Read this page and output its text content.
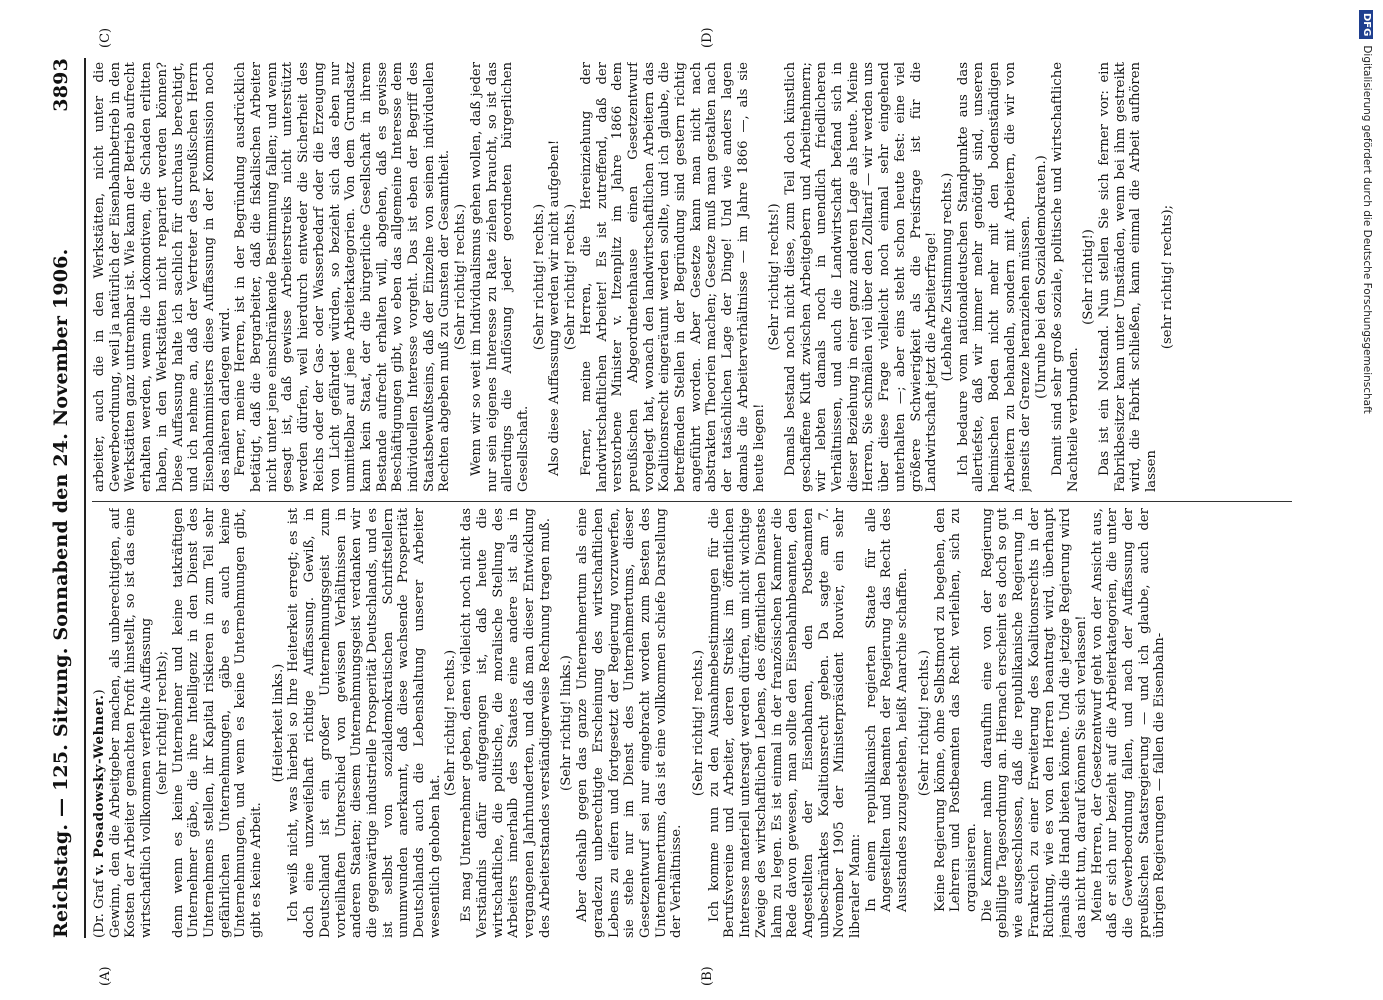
Reichstag. — 125. Sitzung. Sonnabend den 24. November 1906.
3893
(A)	(B)
(C)	(D)

(Dr. Graf v. Posadowsky-Wehner.) Gewinn, den die Arbeitgeber machen, als unberechtigten, auf Kosten der Arbeiter gemachten Profit hinstellt, so ist das eine wirtschaftlich vollkommen verfehlte Auffassung (sehr richtig! rechts); denn wenn es keine Unternehmer und keine tatkräftigen Unternehmer gäbe, die ihre Intelligenz in den Dienst des Unternehmens stellen, ihr Kapital riskieren in zum Teil sehr gefährlichen Unternehmungen, gäbe es auch keine Unternehmungen, und wenn es keine Unternehmungen gibt, gibt es keine Arbeit.

(Heiterkeit links.) Ich weiß nicht, was hierbei so Ihre Heiterkeit erregt; es ist doch eine unzweifelhaft richtige Auffassung. Gewiß, in Deutschland ist ein großer Unternehmungsgeist zum vorteilhaften Unterschied von gewissen Verhältnissen in anderen Staaten; diesem Unternehmungsgeist verdanken wir die gegenwärtige industrielle Prosperität Deutschlands, und es ist selbst von sozialdemokratischen Schriftstellern unumwunden anerkannt, daß diese wachsende Prosperität Deutschlands auch die Lebenshaltung unserer Arbeiter wesentlich gehoben hat.

(Sehr richtig! rechts.) Es mag Unternehmer geben, denen vielleicht noch nicht das Verständnis dafür aufgegangen ist, daß heute die wirtschaftliche, die politische, die moralische Stellung des Arbeiters innerhalb des Staates eine andere ist als in vergangenen Jahrhunderten, und daß man dieser Entwicklung des Arbeiterstandes verständigerweise Rechnung tragen muß. (Sehr richtig! links.) Aber deshalb gegen das ganze Unternehmertum als eine geradezu unberechtigte Erscheinung des wirtschaftlichen Lebens zu eifern und fortgesetzt der Regierung vorzuwerfen, sie stehe nur im Dienst des Unternehmertums, dieser Gesetzentwurf sei nur eingebracht worden zum Besten des Unternehmertums, das ist eine vollkommen schiefe Darstellung der Verhältnisse.

(Sehr richtig! rechts.) Ich komme nun zu den Ausnahmebestimmungen für die Berufsvereine und Arbeiter, deren Streiks im öffentlichen Interesse materiell untersagt werden dürfen, um nicht wichtige Zweige des wirtschaftlichen Lebens, des öffentlichen Dienstes lahm zu legen. Es ist einmal in der französischen Kammer die Rede davon gewesen, man sollte den Eisenbahnbeamten, den Angestellten der Eisenbahnen, den Postbeamten unbeschränktes Koalitionsrecht geben. Da sagte am 7. November 1905 der Ministerpräsident Rouvier, ein sehr liberaler Mann: In einem republikanisch regierten Staate für alle Angestellten und Beamten der Regierung das Recht des Ausstandes zuzugestehen, heißt Anarchie schaffen. (Sehr richtig! rechts.) Keine Regierung könne, ohne Selbstmord zu begehen, den Lehrern und Postbeamten das Recht verleihen, sich zu organisieren. Die Kammer nahm daraufhin eine von der Regierung gebilligte Tagesordnung an. Hiernach erscheint es doch so gut wie ausgeschlossen, daß die republikanische Regierung in Frankreich zu einer Erweiterung des Koalitionsrechts in der Richtung, wie es von den Herren beantragt wird, überhaupt jemals die Hand bieten könnte. Und die jetzige Regierung wird das nicht tun, darauf können Sie sich verlassen! Meine Herren, der Gesetzentwurf geht von der Ansicht aus, daß er sich nur bezieht auf die Arbeiterkategorien, die unter die Gewerbeordnung fallen, und nach der Auffassung der preußischen Staatsregierung — und ich glaube, auch der übrigen Regierungen — fallen die Eisenbahn-

arbeiter, auch die in den Werkstätten, nicht unter die Gewerbeordnung, weil ja natürlich der Eisenbahnbetrieb in den Werkstätten ganz untrennbar ist. Wie kann der Betrieb aufrecht erhalten werden, wenn die Lokomotiven, die Schaden erlitten haben, in den Werkstätten nicht repariert werden können? Diese Auffassung halte ich sachlich für durchaus berechtigt, und ich nehme an, daß der Vertreter des preußischen Herrn Eisenbahnministers diese Auffassung in der Kommission noch des näheren darlegen wird. Ferner, meine Herren, ist in der Begründung ausdrücklich betätigt, daß die Bergarbeiter, daß die fiskalischen Arbeiter nicht unter jene einschränkende Bestimmung fallen; und wenn gesagt ist, daß gewisse Arbeiterstreiks nicht unterstützt werden dürfen, weil hierdurch entweder die Sicherheit des Reichs oder der Gas- oder Wasserbedarf oder die Erzeugung von Licht gefährdet würden, so bezieht sich das eben nur unmittelbar auf jene Arbeiterkategorien. Von dem Grundsatz kann kein Staat, der die bürgerliche Gesellschaft in ihrem Bestande aufrecht erhalten will, abgehen, daß es gewisse Beschäftigungen gibt, wo eben das allgemeine Interesse dem individuellen Interesse vorgeht. Das ist eben der Begriff des Staatsbewußtseins, daß der Einzelne von seinen individuellen Rechten abgeben muß zu Gunsten der Gesamtheit. (Sehr richtig! rechts.) Wenn wir so weit im Individualismus gehen wollen, daß jeder nur sein eigenes Interesse zu Rate ziehen braucht, so ist das allerdings die Auflösung jeder geordneten bürgerlichen Gesellschaft.

(Sehr richtig! rechts.) Also diese Auffassung werden wir nicht aufgeben! (Sehr richtig! rechts.) Ferner, meine Herren, die Hereinziehung der landwirtschaftlichen Arbeiter! Es ist zutreffend, daß der verstorbene Minister v. Itzenplitz im Jahre 1866 dem preußischen Abgeordnetenhause einen Gesetzentwurf vorgelegt hat, wonach den landwirtschaftlichen Arbeitern das Koalitionsrecht eingeräumt werden sollte, und ich glaube, die betreffenden Stellen in der Begründung sind gestern richtig angeführt worden. Aber Gesetze kann man nicht nach abstrakten Theorien machen; Gesetze muß man gestalten nach der tatsächlichen Lage der Dinge! Und wie anders lagen damals die Arbeiterverhältnisse — im Jahre 1866 —, als sie heute liegen!

(Sehr richtig! rechts!) Damals bestand noch nicht diese, zum Teil doch künstlich geschaffene Kluft zwischen Arbeitgebern und Arbeitnehmern; wir lebten damals noch in unendlich friedlicheren Verhältnissen, und auch die Landwirtschaft befand sich in dieser Beziehung in einer ganz anderen Lage als heute. Meine Herren, Sie schmälen viel über den Zolltarif — wir werden uns über diese Frage vielleicht noch einmal sehr eingehend unterhalten —; aber eins steht schon heute fest: eine viel größere Schwierigkeit als die Preisfrage ist für die Landwirtschaft jetzt die Arbeiterfrage! (Lebhafte Zustimmung rechts.) Ich bedaure vom nationaldeutschen Standpunkte aus das allertiefste, daß wir immer mehr genötigt sind, unseren heimischen Boden nicht mehr mit den bodenständigen Arbeitern zu behandeln, sondern mit Arbeitern, die wir von jenseits der Grenze heranziehen müssen. (Unruhe bei den Sozialdemokraten.) Damit sind sehr große soziale, politische und wirtschaftliche Nachteile verbunden.

(Sehr richtig!) Das ist ein Notstand. Nun stellen Sie sich ferner vor: ein Fabrikbesitzer kann unter Umständen, wenn bei ihm gestreikt wird, die Fabrik schließen, kann einmal die Arbeit aufhören lassen

(sehr richtig! rechts);

DFGDigitalisierung gefördert durch die Deutsche Forschungsgemeinschaft
